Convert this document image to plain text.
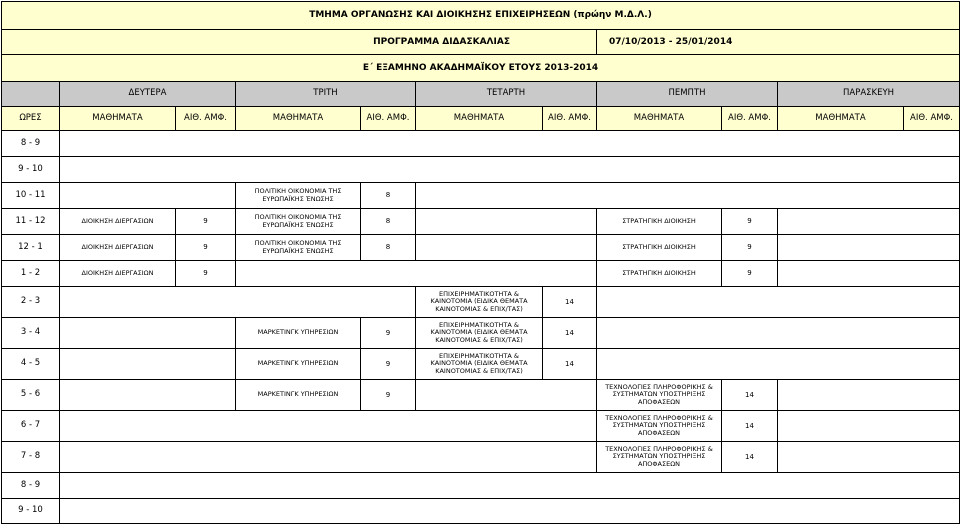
ΤΜΗΜΑ ΟΡΓΑΝΩΣΗΣ ΚΑΙ ΔΙΟΙΚΗΣΗΣ ΕΠΙΧΕΙΡΗΣΕΩΝ (πρώην Μ.Δ.Λ.)										
ΠΡΟΓΡΑΜΜΑ ΔΙΔΑΣΚΑΛΙΑΣ							07/10/2013 - 25/01/2014			
Ε΄ ΕΞΑΜΗΝΟ ΑΚΑΔΗΜΑΪΚΟΥ ΕΤΟΥΣ 2013-2014										
	ΔΕΥΤΕΡΑ		ΤΡΙΤΗ		ΤΕΤΑΡΤΗ		ΠΕΜΠΤΗ		ΠΑΡΑΣΚΕΥΗ	
ΩΡΕΣ	ΜΑΘΗΜΑΤΑ	ΑΙΘ. ΑΜΦ.	ΜΑΘΗΜΑΤΑ	ΑΙΘ. ΑΜΦ.	ΜΑΘΗΜΑΤΑ	ΑΙΘ. ΑΜΦ.	ΜΑΘΗΜΑΤΑ	ΑΙΘ. ΑΜΦ.	ΜΑΘΗΜΑΤΑ	ΑΙΘ. ΑΜΦ.
8 - 9										
9 - 10										
10 - 11			ΠΟΛΙΤΙΚΗ ΟΙΚΟΝΟΜΙΑ ΤΗΣ ΕΥΡΩΠΑΪΚΗΣ ΈΝΩΣΗΣ	8						
11 - 12	ΔΙΟΙΚΗΣΗ ΔΙΕΡΓΑΣΙΩΝ	9	ΠΟΛΙΤΙΚΗ ΟΙΚΟΝΟΜΙΑ ΤΗΣ ΕΥΡΩΠΑΪΚΗΣ ΈΝΩΣΗΣ	8			ΣΤΡΑΤΗΓΙΚΗ ΔΙΟΙΚΗΣΗ	9		
12 - 1	ΔΙΟΙΚΗΣΗ ΔΙΕΡΓΑΣΙΩΝ	9	ΠΟΛΙΤΙΚΗ ΟΙΚΟΝΟΜΙΑ ΤΗΣ ΕΥΡΩΠΑΪΚΗΣ ΈΝΩΣΗΣ	8			ΣΤΡΑΤΗΓΙΚΗ ΔΙΟΙΚΗΣΗ	9		
1 - 2	ΔΙΟΙΚΗΣΗ ΔΙΕΡΓΑΣΙΩΝ	9					ΣΤΡΑΤΗΓΙΚΗ ΔΙΟΙΚΗΣΗ	9		
2 - 3					ΕΠΙΧΕΙΡΗΜΑΤΙΚΟΤΗΤΑ & ΚΑΙΝΟΤΟΜΙΑ (ΕΙΔΙΚΑ ΘΕΜΑΤΑ ΚΑΙΝΟΤΟΜΙΑΣ & ΕΠΙΧ/ΤΑΣ)	14				
3 - 4			ΜΑΡΚΕΤΙΝΓΚ ΥΠΗΡΕΣΙΩΝ	9	ΕΠΙΧΕΙΡΗΜΑΤΙΚΟΤΗΤΑ & ΚΑΙΝΟΤΟΜΙΑ (ΕΙΔΙΚΑ ΘΕΜΑΤΑ ΚΑΙΝΟΤΟΜΙΑΣ & ΕΠΙΧ/ΤΑΣ)	14				
4 - 5			ΜΑΡΚΕΤΙΝΓΚ ΥΠΗΡΕΣΙΩΝ	9	ΕΠΙΧΕΙΡΗΜΑΤΙΚΟΤΗΤΑ & ΚΑΙΝΟΤΟΜΙΑ (ΕΙΔΙΚΑ ΘΕΜΑΤΑ ΚΑΙΝΟΤΟΜΙΑΣ & ΕΠΙΧ/ΤΑΣ)	14				
5 - 6			ΜΑΡΚΕΤΙΝΓΚ ΥΠΗΡΕΣΙΩΝ	9			ΤΕΧΝΟΛΟΓΙΕΣ ΠΛΗΡΟΦΟΡΙΚΗΣ & ΣΥΣΤΗΜΑΤΩΝ ΥΠΟΣΤΗΡΙΞΗΣ ΑΠΟΦΑΣΕΩΝ	14		
6 - 7							ΤΕΧΝΟΛΟΓΙΕΣ ΠΛΗΡΟΦΟΡΙΚΗΣ & ΣΥΣΤΗΜΑΤΩΝ ΥΠΟΣΤΗΡΙΞΗΣ ΑΠΟΦΑΣΕΩΝ	14		
7 - 8							ΤΕΧΝΟΛΟΓΙΕΣ ΠΛΗΡΟΦΟΡΙΚΗΣ & ΣΥΣΤΗΜΑΤΩΝ ΥΠΟΣΤΗΡΙΞΗΣ ΑΠΟΦΑΣΕΩΝ	14		
8 - 9										
9 - 10										
